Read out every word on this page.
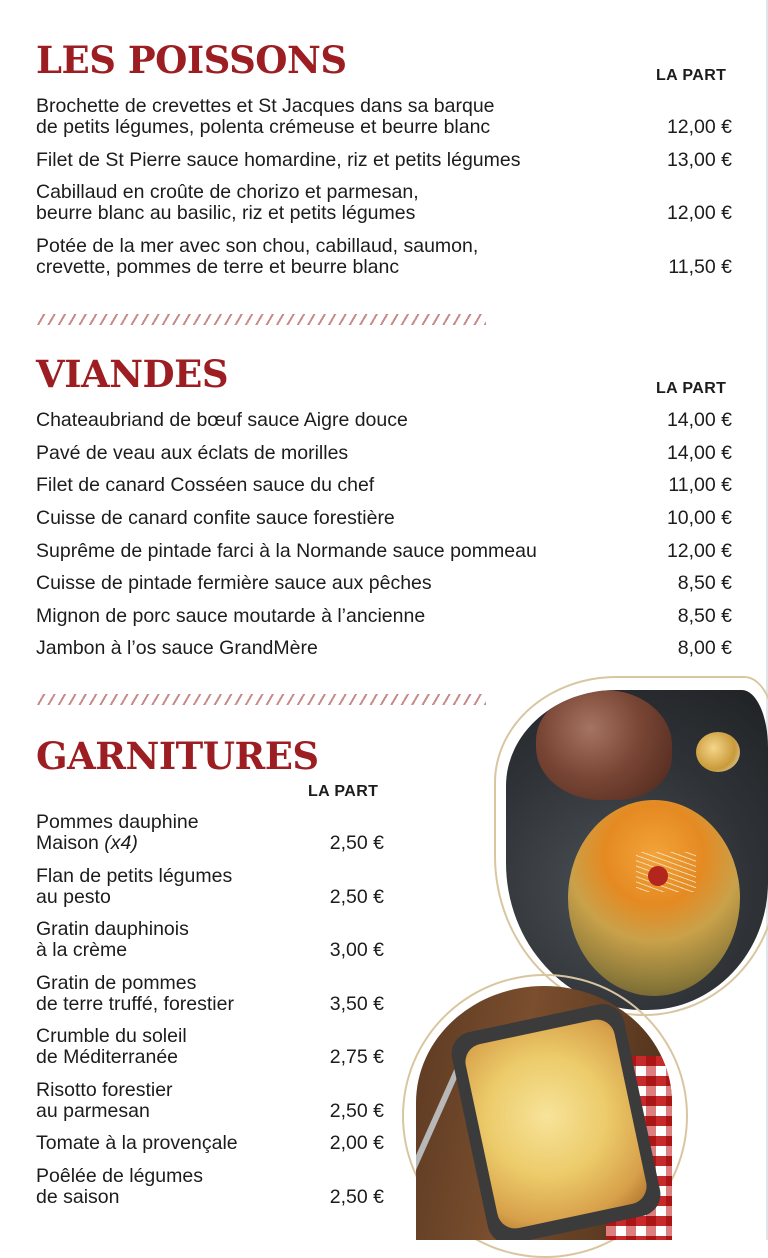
LES POISSONS	LA PART
Brochette de crevettes et St Jacques dans sa barque
de petits légumes, polenta crémeuse et beurre blanc	12,00 €
Filet de St Pierre sauce homardine, riz et petits légumes	13,00 €
Cabillaud en croûte de chorizo et parmesan,
beurre blanc au basilic, riz et petits légumes	12,00 €
Potée de la mer avec son chou, cabillaud, saumon,
crevette, pommes de terre et beurre blanc	11,50 €
VIANDES	LA PART
Chateaubriand de bœuf sauce Aigre douce	14,00 €
Pavé de veau aux éclats de morilles	14,00 €
Filet de canard Cosséen sauce du chef	11,00 €
Cuisse de canard confite sauce forestière	10,00 €
Suprême de pintade farci à la Normande sauce pommeau	12,00 €
Cuisse de pintade fermière sauce aux pêches	8,50 €
Mignon de porc sauce moutarde à l’ancienne	8,50 €
Jambon à l’os sauce GrandMère	8,00 €
GARNITURES
LA PART
Pommes dauphine
Maison (x4)	2,50 €
Flan de petits légumes
au pesto	2,50 €
Gratin dauphinois
à la crème	3,00 €
Gratin de pommes
de terre truffé, forestier	3,50 €
Crumble du soleil
de Méditerranée	2,75 €
Risotto forestier
au parmesan	2,50 €
Tomate à la provençale	2,00 €
Poêlée de légumes
de saison	2,50 €
